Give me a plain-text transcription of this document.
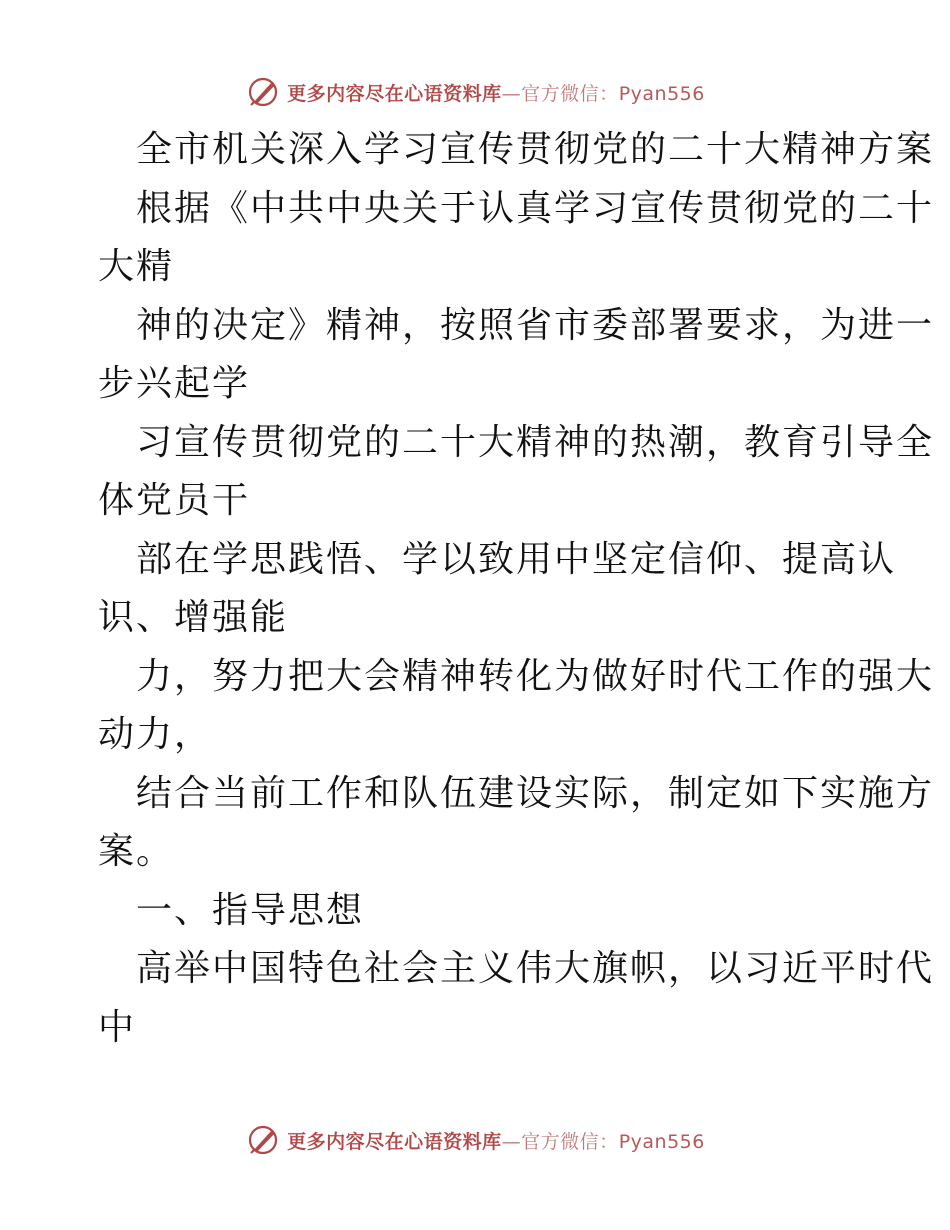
更多内容尽在心语资料库—官方微信：Pyan556
全市机关深入学习宣传贯彻党的二十大精神方案
根据《中共中央关于认真学习宣传贯彻党的二十
大精
神的决定》精神，按照省市委部署要求，为进一
步兴起学
习宣传贯彻党的二十大精神的热潮，教育引导全
体党员干
部在学思践悟、学以致用中坚定信仰、提高认
识、增强能
力，努力把大会精神转化为做好时代工作的强大
动力，
结合当前工作和队伍建设实际，制定如下实施方
案。
一、指导思想
高举中国特色社会主义伟大旗帜，以习近平时代
中
更多内容尽在心语资料库—官方微信：Pyan556
